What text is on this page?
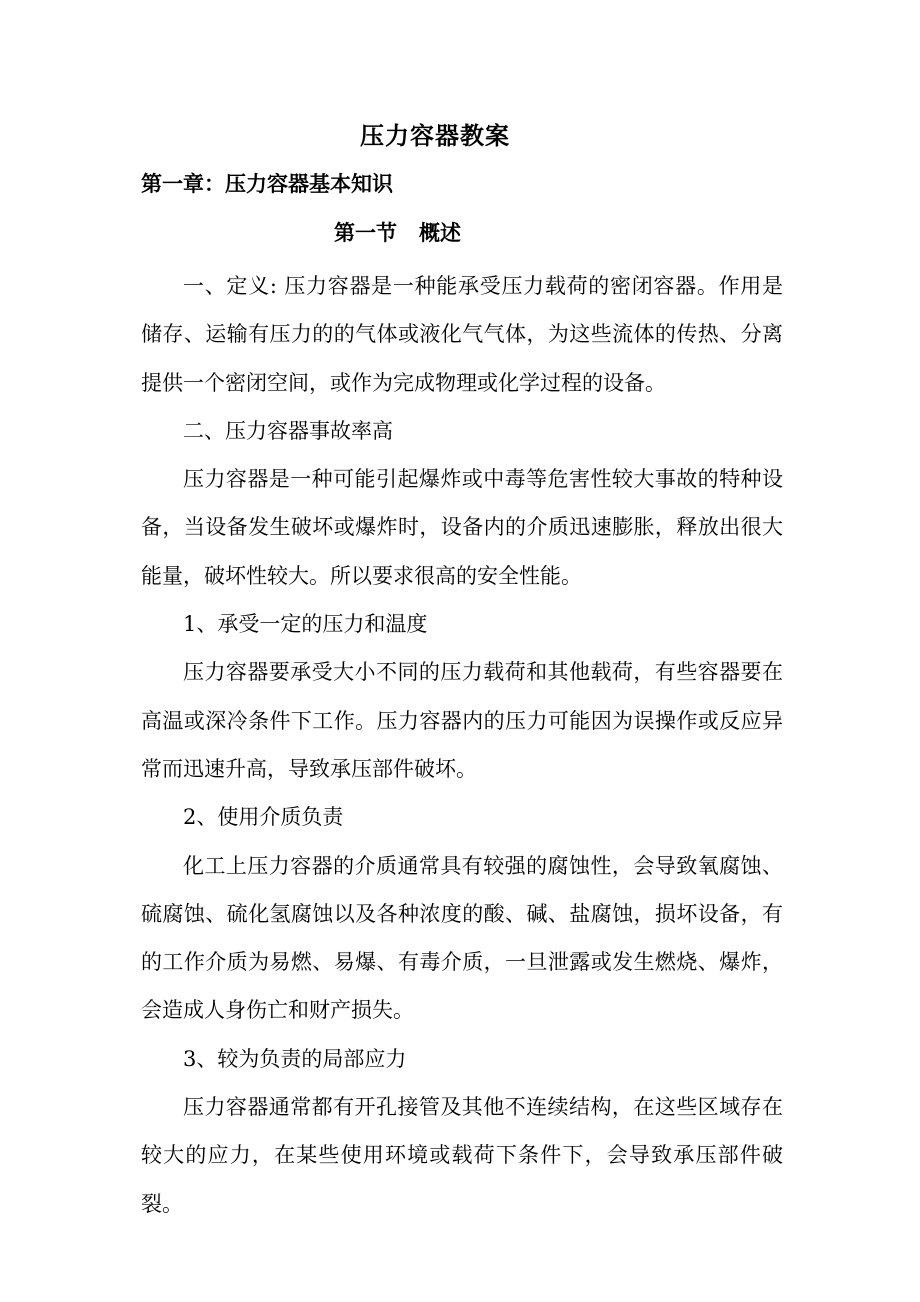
压力容器教案
第一章：压力容器基本知识
第一节 概述

一、定义: 压力容器是一种能承受压力载荷的密闭容器。作用是储存、运输有压力的的气体或液化气气体，为这些流体的传热、分离提供一个密闭空间，或作为完成物理或化学过程的设备。

二、压力容器事故率高

压力容器是一种可能引起爆炸或中毒等危害性较大事故的特种设备，当设备发生破坏或爆炸时，设备内的介质迅速膨胀，释放出很大能量，破坏性较大。所以要求很高的安全性能。

1、承受一定的压力和温度

压力容器要承受大小不同的压力载荷和其他载荷，有些容器要在高温或深冷条件下工作。压力容器内的压力可能因为误操作或反应异常而迅速升高，导致承压部件破坏。

2、使用介质负责

化工上压力容器的介质通常具有较强的腐蚀性，会导致氧腐蚀、硫腐蚀、硫化氢腐蚀以及各种浓度的酸、碱、盐腐蚀，损坏设备，有的工作介质为易燃、易爆、有毒介质，一旦泄露或发生燃烧、爆炸，会造成人身伤亡和财产损失。

3、较为负责的局部应力

压力容器通常都有开孔接管及其他不连续结构，在这些区域存在较大的应力，在某些使用环境或载荷下条件下，会导致承压部件破裂。
